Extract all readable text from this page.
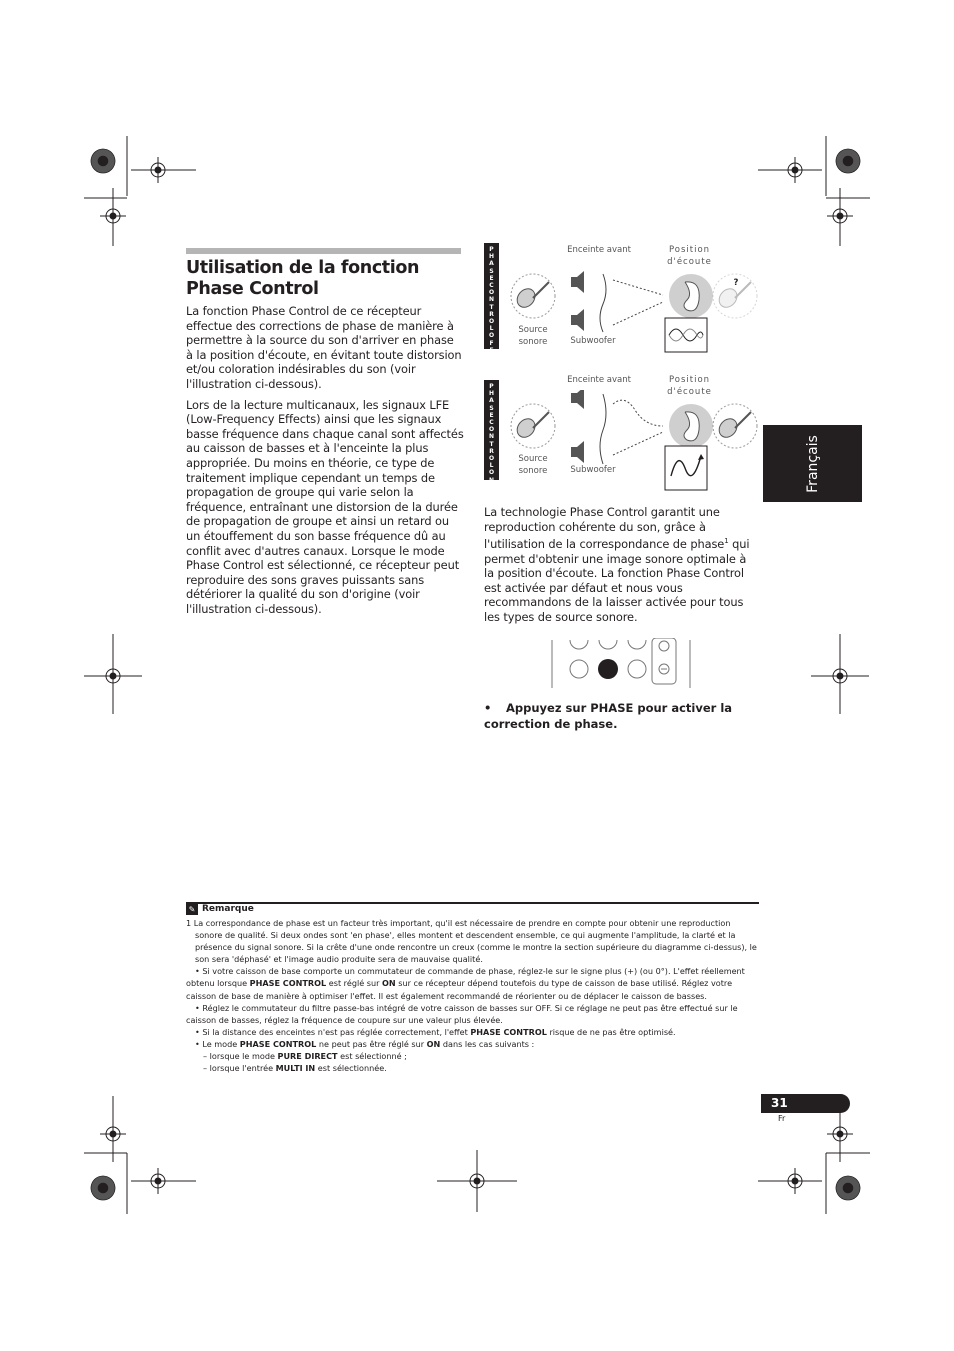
Utilisation de la fonction Phase Control

La fonction Phase Control de ce récepteur effectue des corrections de phase de manière à permettre à la source du son d'arriver en phase à la position d'écoute, en évitant toute distorsion et/ou coloration indésirables du son (voir l'illustration ci-dessous).

Lors de la lecture multicanaux, les signaux LFE (Low-Frequency Effects) ainsi que les signaux basse fréquence dans chaque canal sont affectés au caisson de basses et à l'enceinte la plus appropriée. Du moins en théorie, ce type de traitement implique cependant un temps de propagation de groupe qui varie selon la fréquence, entraînant une distorsion de la durée de propagation de groupe et ainsi un retard ou un étouffement du son basse fréquence dû au conflit avec d'autres canaux. Lorsque le mode Phase Control est sélectionné, ce récepteur peut reproduire des sons graves puissants sans détériorer la qualité du son d'origine (voir l'illustration ci-dessous).

PHASE CONTROL OFF
Enceinte avant	Position d'écoute
Source sonore	Subwoofer
?
PHASE CONTROL ON
Enceinte avant	Position d'écoute
Source sonore	Subwoofer

La technologie Phase Control garantit une reproduction cohérente du son, grâce à l'utilisation de la correspondance de phase$^1$ qui permet d'obtenir une image sonore optimale à la position d'écoute. La fonction Phase Control est activée par défaut et nous vous recommandons de la laisser activée pour tous les types de source sonore.

• Appuyez sur PHASE pour activer la correction de phase.
Français
✎ Remarque

1 La correspondance de phase est un facteur très important, qu'il est nécessaire de prendre en compte pour obtenir une reproduction sonore de qualité. Si deux ondes sont 'en phase', elles montent et descendent ensemble, ce qui augmente l'amplitude, la clarté et la présence du signal sonore. Si la crête d'une onde rencontre un creux (comme le montre la section supérieure du diagramme ci-dessus), le son sera 'déphasé' et l'image audio produite sera de mauvaise qualité.

• Si votre caisson de base comporte un commutateur de commande de phase, réglez-le sur le signe plus (+) (ou 0°). L'effet réellement obtenu lorsque PHASE CONTROL est réglé sur ON sur ce récepteur dépend toutefois du type de caisson de base utilisé. Réglez votre caisson de base de manière à optimiser l'effet. Il est également recommandé de réorienter ou de déplacer le caisson de basses.

• Réglez le commutateur du filtre passe-bas intégré de votre caisson de basses sur OFF. Si ce réglage ne peut pas être effectué sur le caisson de basses, réglez la fréquence de coupure sur une valeur plus élevée.

• Si la distance des enceintes n'est pas réglée correctement, l'effet PHASE CONTROL risque de ne pas être optimisé.

• Le mode PHASE CONTROL ne peut pas être réglé sur ON dans les cas suivants :

– lorsque le mode PURE DIRECT est sélectionné ;

– lorsque l'entrée MULTI IN est sélectionnée.

31
Fr
